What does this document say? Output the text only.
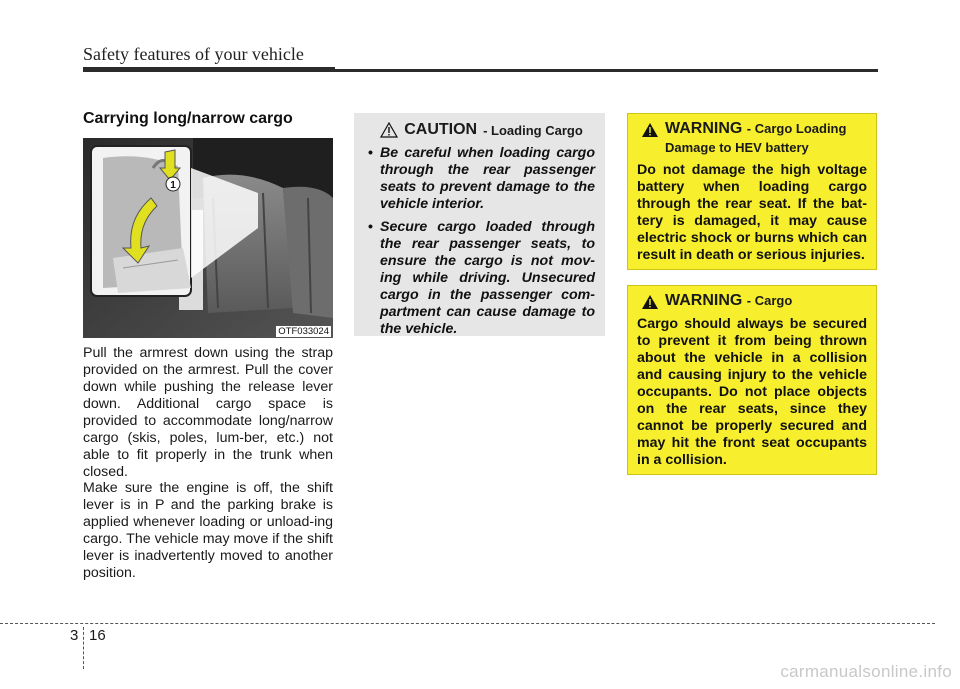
Safety features of your vehicle
Carrying long/narrow cargo
1
OTF033024

Pull the armrest down using the strap provided on the armrest. Pull the cover down while pushing the release lever down. Additional cargo space is provided to accommodate long/narrow cargo (skis, poles, lum-ber, etc.) not able to fit properly in the trunk when closed.

Make sure the engine is off, the shift lever is in P and the parking brake is applied whenever loading or unload-ing cargo. The vehicle may move if the shift lever is inadvertently moved to another position.

CAUTION - Loading Cargo
• Be careful when loading cargo through the rear passenger seats to prevent damage to the vehicle interior.
• Secure cargo loaded through the rear passenger seats, to ensure the cargo is not mov-ing while driving. Unsecured cargo in the passenger com-partment can cause damage to the vehicle.
WARNING - Cargo Loading
Damage to HEV battery
Do not damage the high voltage battery when loading cargo through the rear seat. If the bat-tery is damaged, it may cause electric shock or burns which can result in death or serious injuries.
WARNING - Cargo
Cargo should always be secured to prevent it from being thrown about the vehicle in a collision and causing injury to the vehicle occupants. Do not place objects on the rear seats, since they cannot be properly secured and may hit the front seat occupants in a collision.
3 16
carmanualsonline.info
